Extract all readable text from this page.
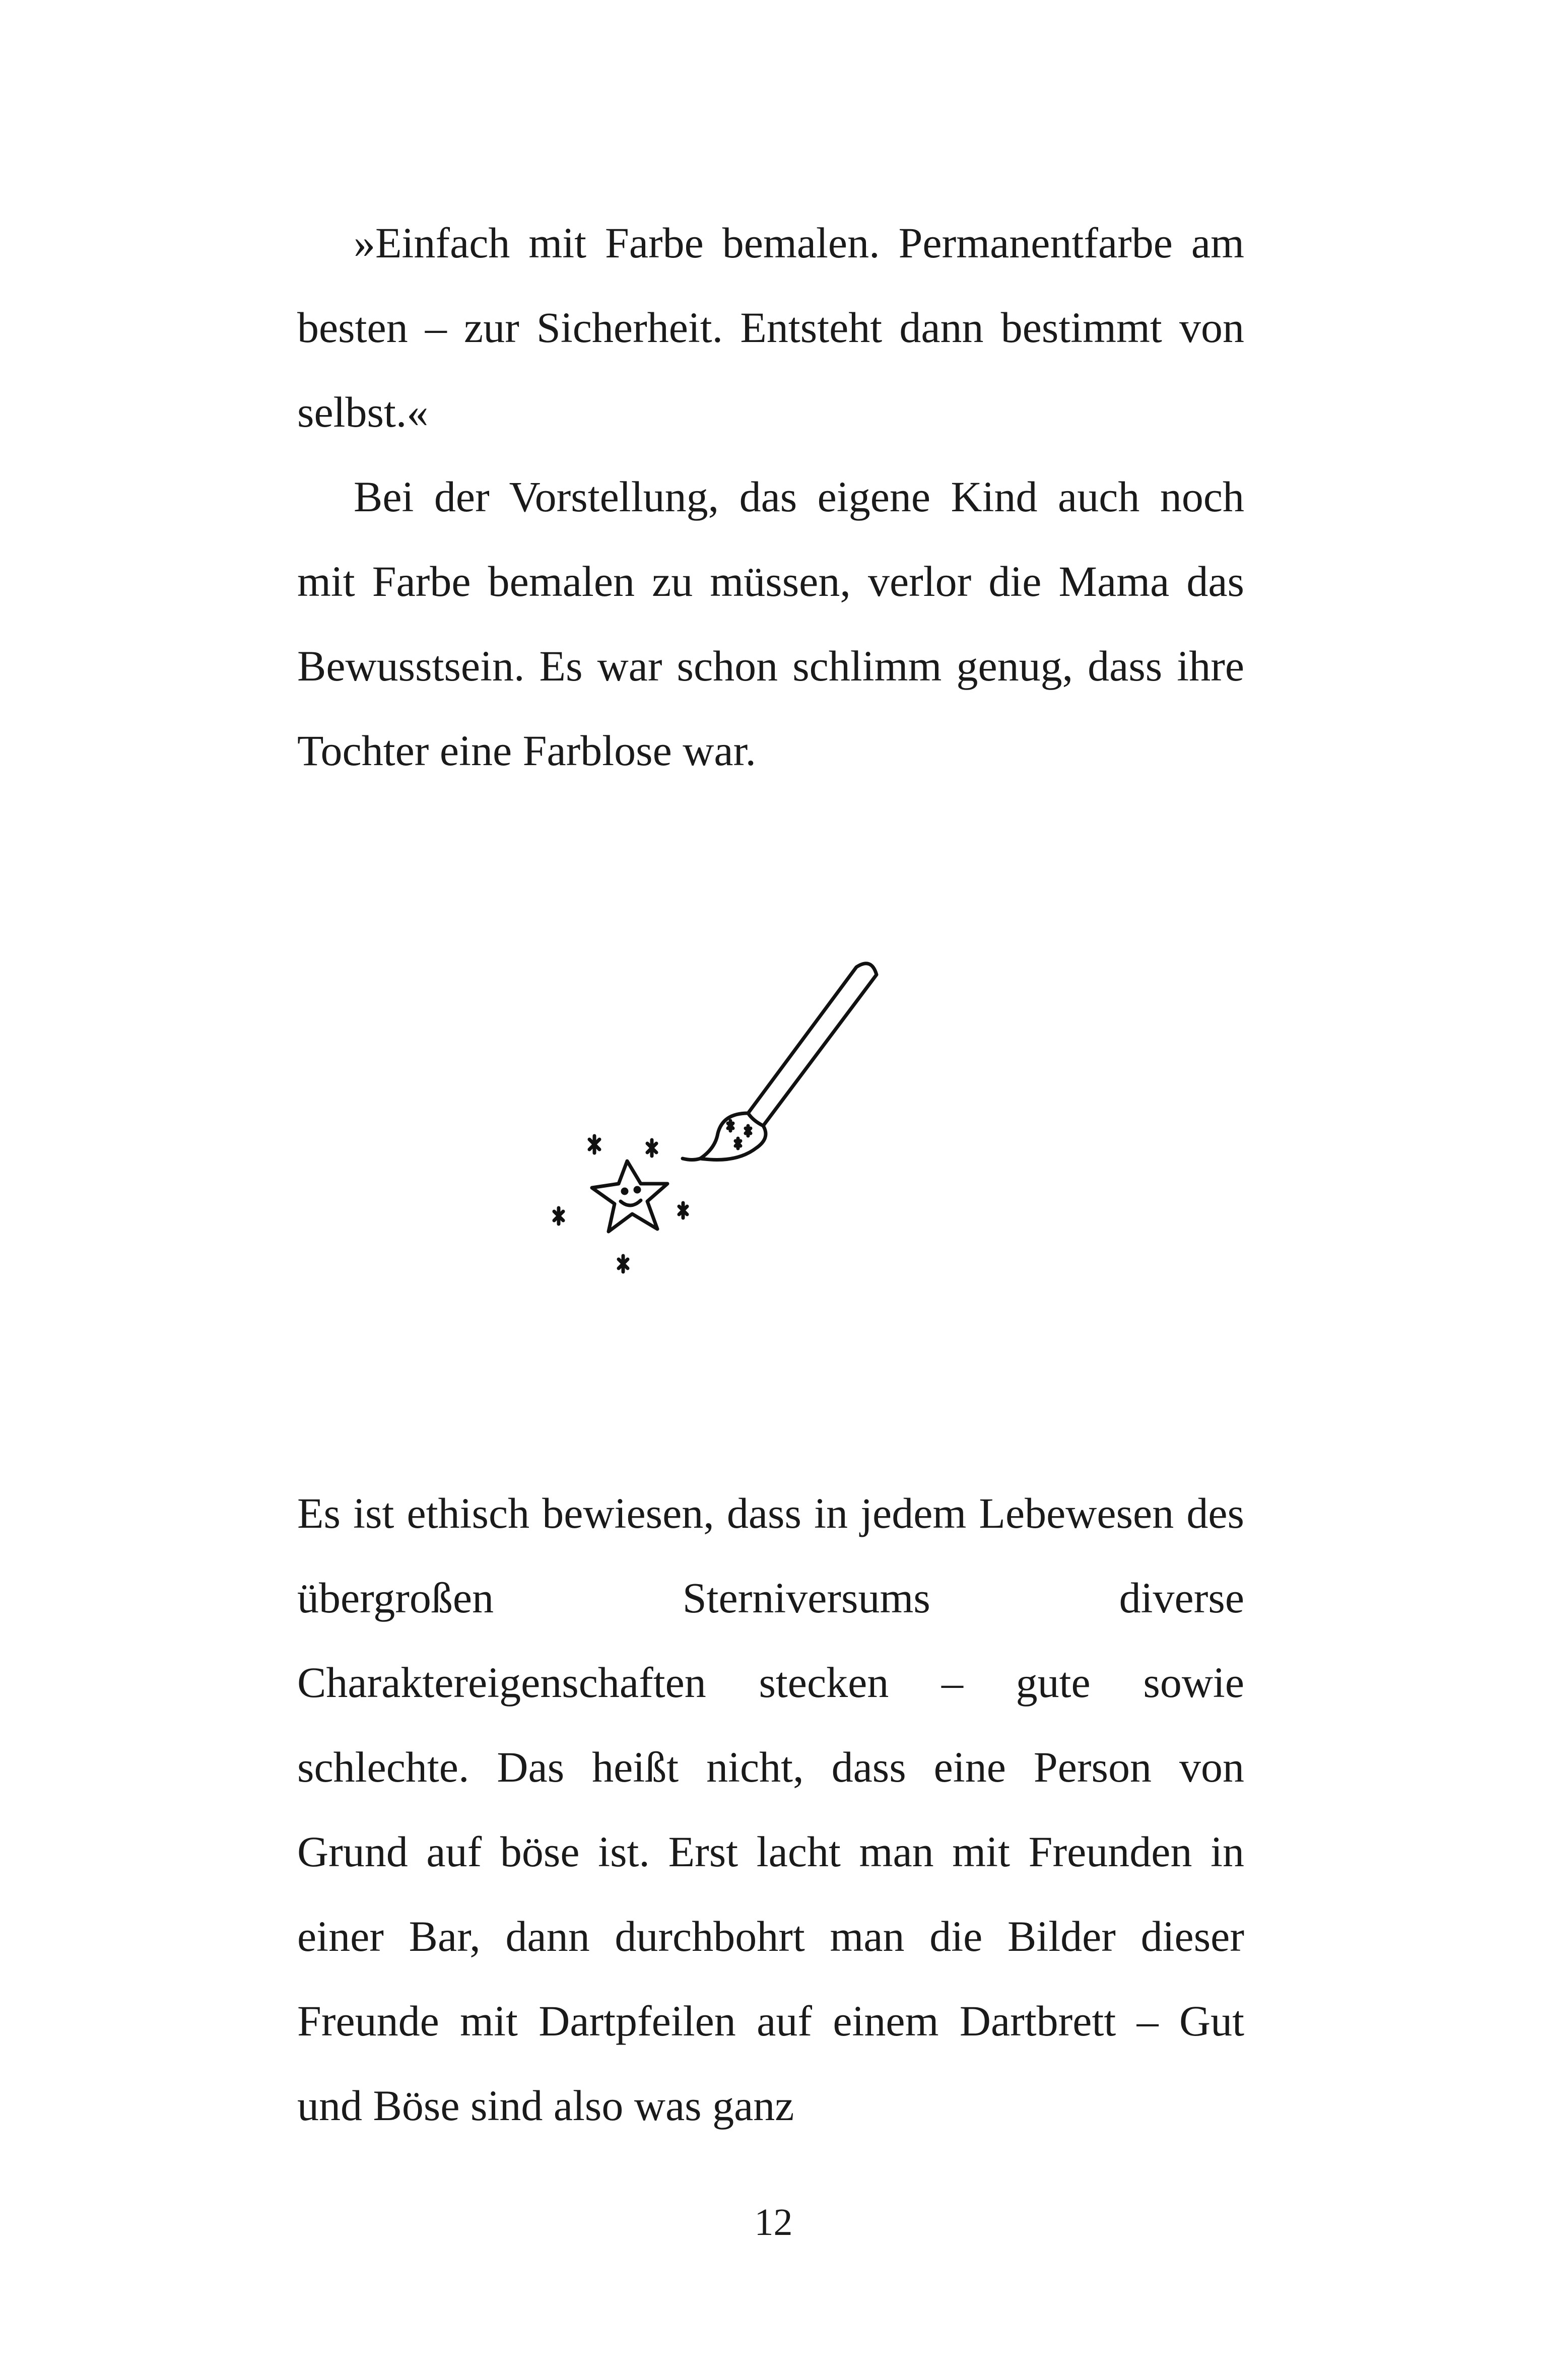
»Einfach mit Farbe bemalen. Permanentfarbe am besten – zur Sicherheit. Entsteht dann bestimmt von selbst.«

Bei der Vorstellung, das eigene Kind auch noch mit Farbe bemalen zu müssen, verlor die Mama das Bewusstsein. Es war schon schlimm genug, dass ihre Tochter eine Farblose war.

Es ist ethisch bewiesen, dass in jedem Lebewesen des übergroßen Sterniversums diverse Charaktereigenschaften stecken – gute sowie schlechte. Das heißt nicht, dass eine Person von Grund auf böse ist. Erst lacht man mit Freunden in einer Bar, dann durchbohrt man die Bilder dieser Freunde mit Dartpfeilen auf einem Dartbrett – Gut und Böse sind also was ganz

12
